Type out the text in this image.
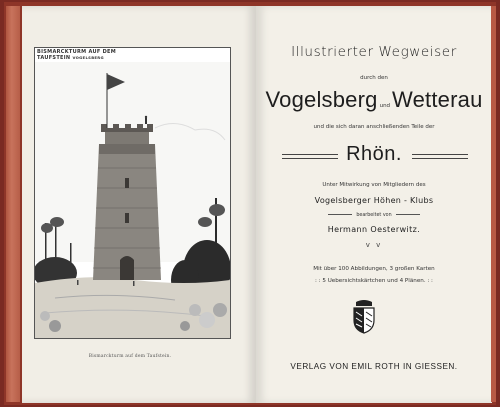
BISMARCKTURM AUF DEM
TAUFSTEIN VOGELSBERG
Bismarckturm auf dem Taufstein.
Illustrierter Wegweiser
durch den
Vogelsberg undWetterau
und die sich daran anschließenden Teile der
Rhön.
Unter Mitwirkung von Mitgliedern des
Vogelsberger Höhen - Klubs
bearbeitet von
Hermann Oesterwitz.
v v
Mit über 100 Abbildungen, 3 großen Karten
: : 5 Uebersichtskärtchen und 4 Plänen. : :
VERLAG VON EMIL ROTH IN GIESSEN.
